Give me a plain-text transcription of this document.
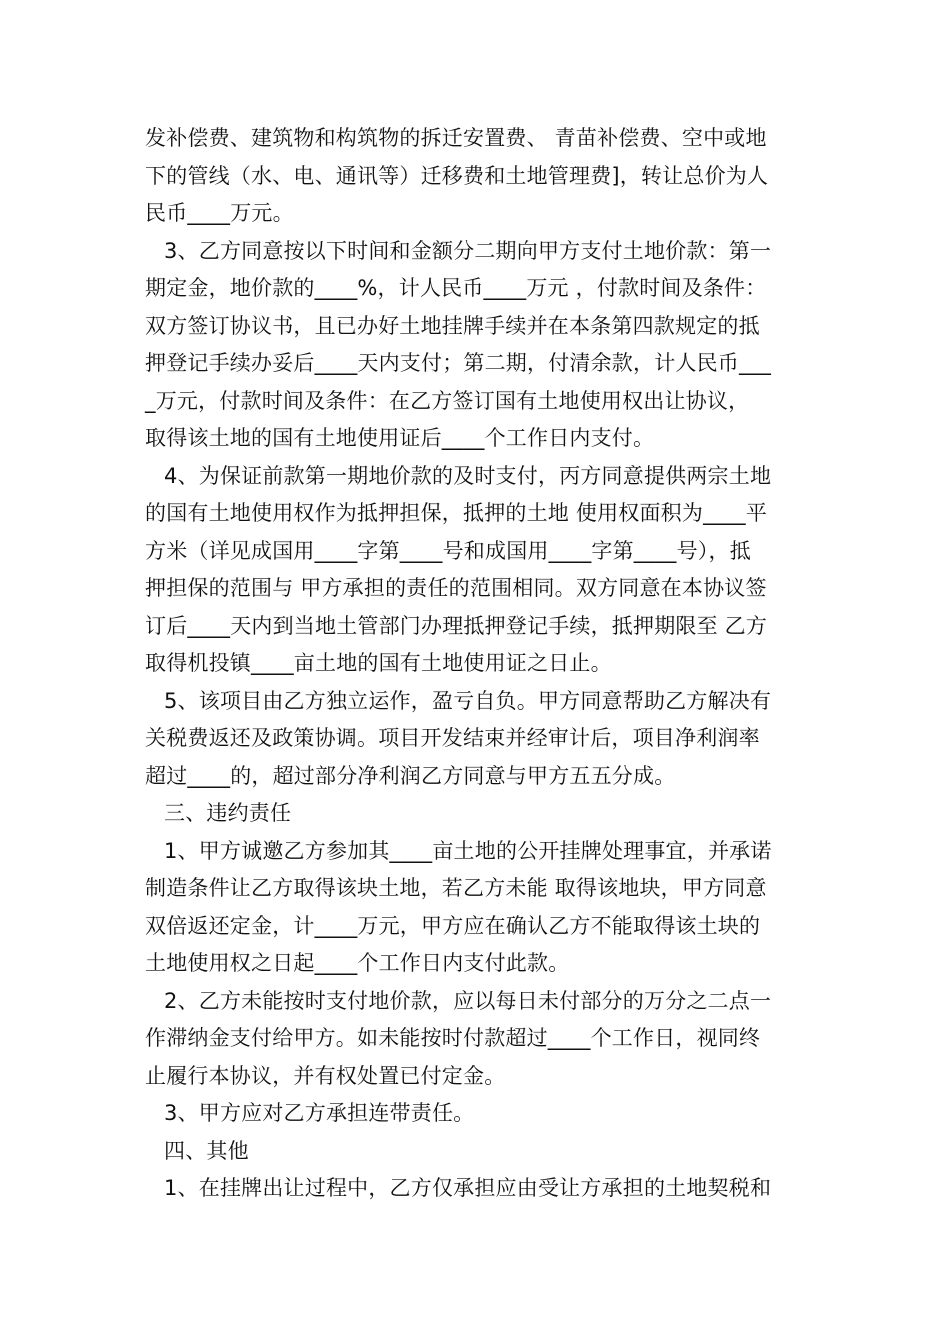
发补偿费、建筑物和构筑物的拆迁安置费、 青苗补偿费、空中或地
下的管线（水、电、通讯等）迁移费和土地管理费]，转让总价为人
民币____万元。
3、乙方同意按以下时间和金额分二期向甲方支付土地价款：第一
期定金，地价款的____%，计人民币____万元 ，付款时间及条件：
双方签订协议书，且已办好土地挂牌手续并在本条第四款规定的抵
押登记手续办妥后____天内支付；第二期，付清余款，计人民币___
_万元，付款时间及条件：在乙方签订国有土地使用权出让协议，
取得该土地的国有土地使用证后____个工作日内支付。
4、为保证前款第一期地价款的及时支付，丙方同意提供两宗土地
的国有土地使用权作为抵押担保，抵押的土地 使用权面积为____平
方米（详见成国用____字第____号和成国用____字第____号），抵
押担保的范围与 甲方承担的责任的范围相同。双方同意在本协议签
订后____天内到当地土管部门办理抵押登记手续，抵押期限至 乙方
取得机投镇____亩土地的国有土地使用证之日止。
5、该项目由乙方独立运作，盈亏自负。甲方同意帮助乙方解决有
关税费返还及政策协调。项目开发结束并经审计后，项目净利润率
超过____的，超过部分净利润乙方同意与甲方五五分成。
三、违约责任
1、甲方诚邀乙方参加其____亩土地的公开挂牌处理事宜，并承诺
制造条件让乙方取得该块土地，若乙方未能 取得该地块，甲方同意
双倍返还定金，计____万元，甲方应在确认乙方不能取得该土块的
土地使用权之日起____个工作日内支付此款。
2、乙方未能按时支付地价款，应以每日未付部分的万分之二点一
作滞纳金支付给甲方。如未能按时付款超过____个工作日，视同终
止履行本协议，并有权处置已付定金。
3、甲方应对乙方承担连带责任。
四、其他
1、在挂牌出让过程中，乙方仅承担应由受让方承担的土地契税和
